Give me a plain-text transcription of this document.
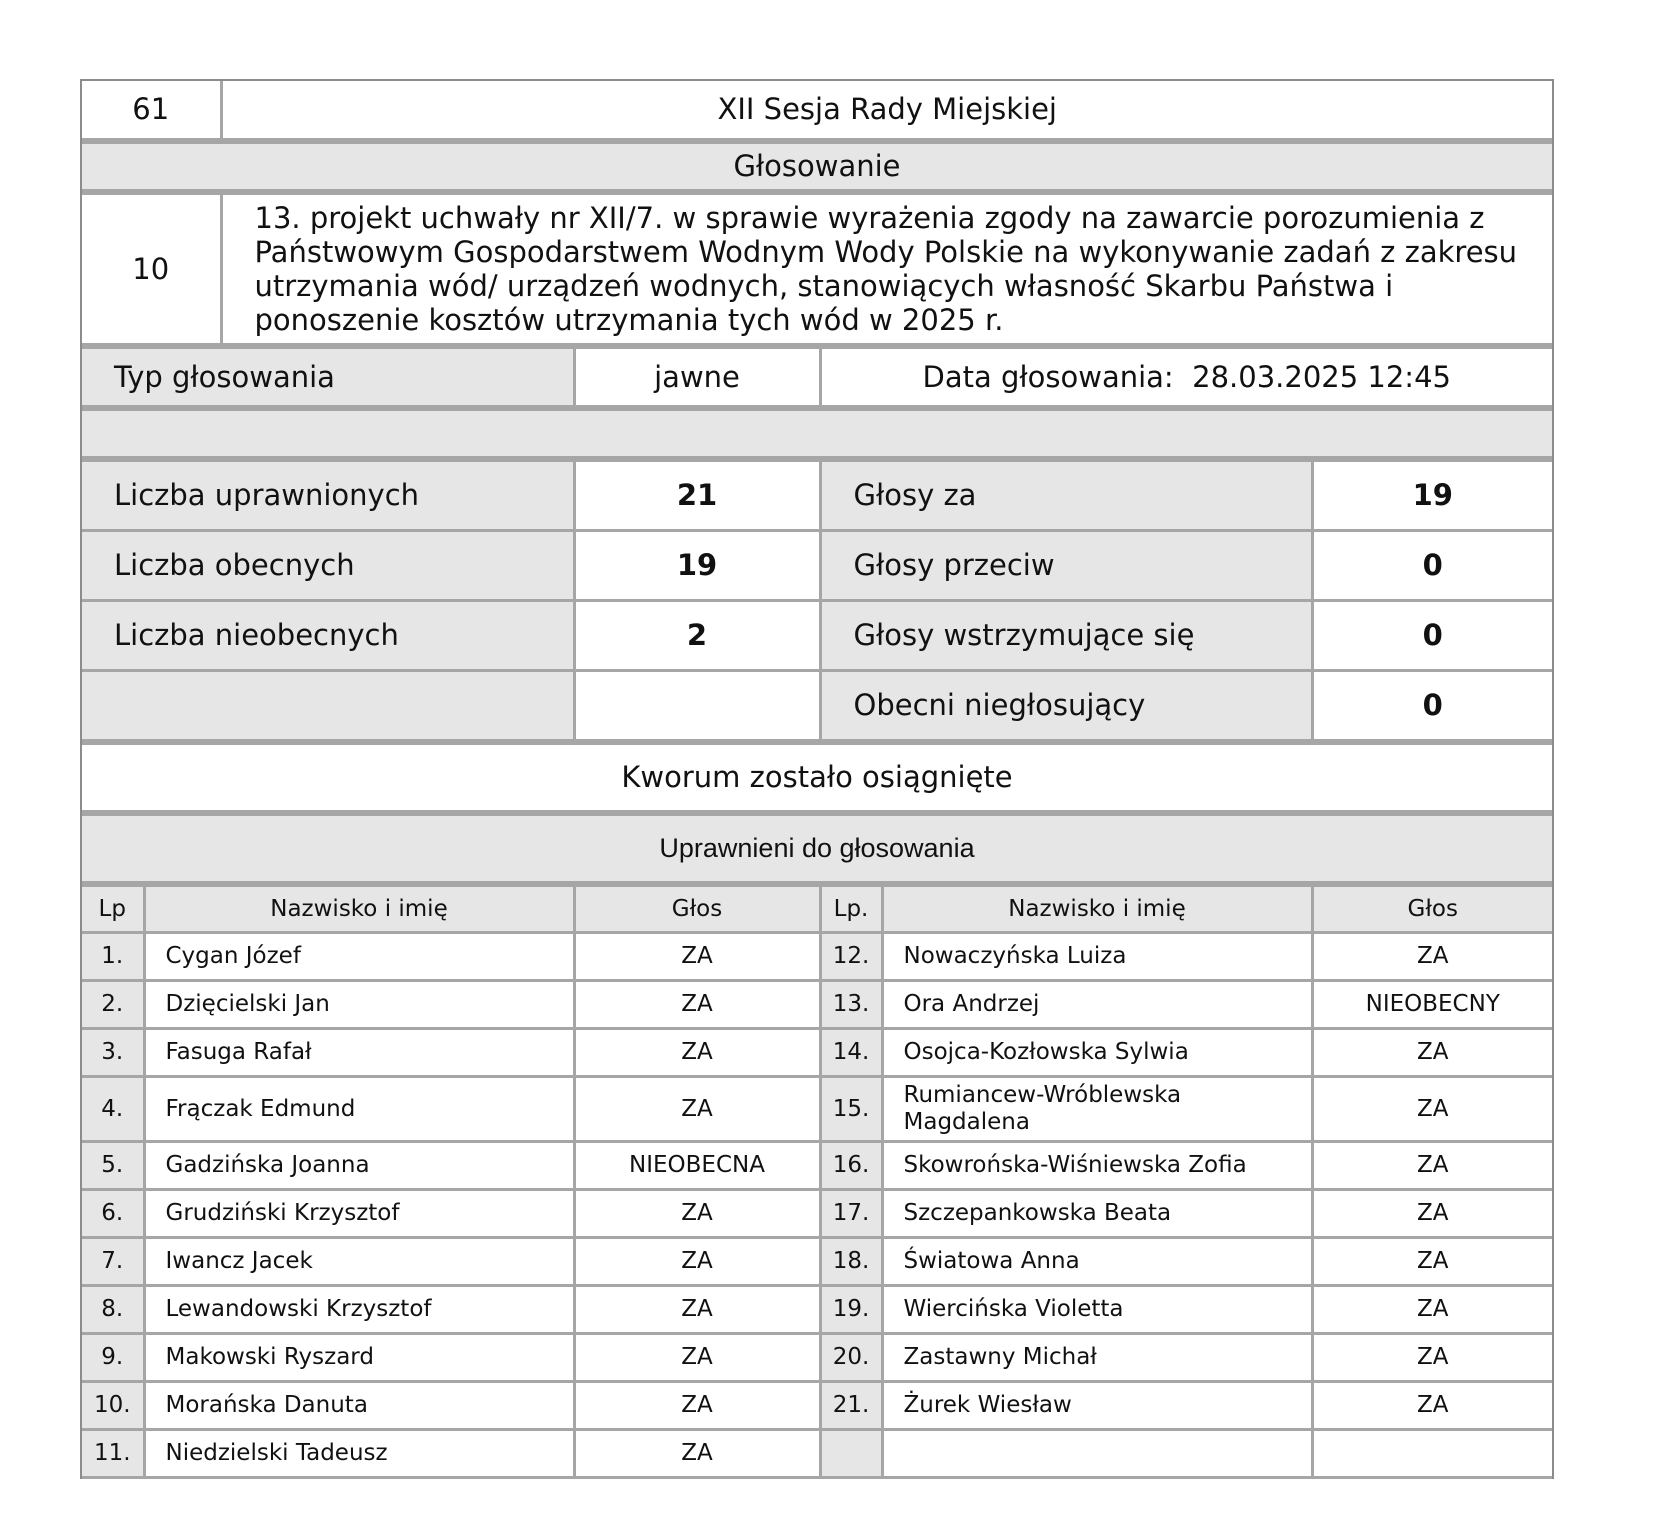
61	XII Sesja Rady Miejskiej
Głosowanie
10	13. projekt uchwały nr XII/7. w sprawie wyrażenia zgody na zawarcie porozumienia z Państwowym Gospodarstwem Wodnym Wody Polskie na wykonywanie zadań z zakresu utrzymania wód/ urządzeń wodnych, stanowiących własność Skarbu Państwa i ponoszenie kosztów utrzymania tych wód w 2025 r.
Typ głosowania	jawne	Data głosowania: 28.03.2025 12:45
Liczba uprawnionych	21	Głosy za	19
Liczba obecnych	19	Głosy przeciw	0
Liczba nieobecnych	2	Głosy wstrzymujące się	0
		Obecni niegłosujący	0
Kworum zostało osiągnięte
Uprawnieni do głosowania
Lp	Nazwisko i imię	Głos	Lp.	Nazwisko i imię	Głos
1.	Cygan Józef	ZA	12.	Nowaczyńska Luiza	ZA
2.	Dzięcielski Jan	ZA	13.	Ora Andrzej	NIEOBECNY
3.	Fasuga Rafał	ZA	14.	Osojca-Kozłowska Sylwia	ZA
4.	Frączak Edmund	ZA	15.	Rumiancew-Wróblewska Magdalena	ZA
5.	Gadzińska Joanna	NIEOBECNA	16.	Skowrońska-Wiśniewska Zofia	ZA
6.	Grudziński Krzysztof	ZA	17.	Szczepankowska Beata	ZA
7.	Iwancz Jacek	ZA	18.	Światowa Anna	ZA
8.	Lewandowski Krzysztof	ZA	19.	Wiercińska Violetta	ZA
9.	Makowski Ryszard	ZA	20.	Zastawny Michał	ZA
10.	Morańska Danuta	ZA	21.	Żurek Wiesław	ZA
11.	Niedzielski Tadeusz	ZA			
